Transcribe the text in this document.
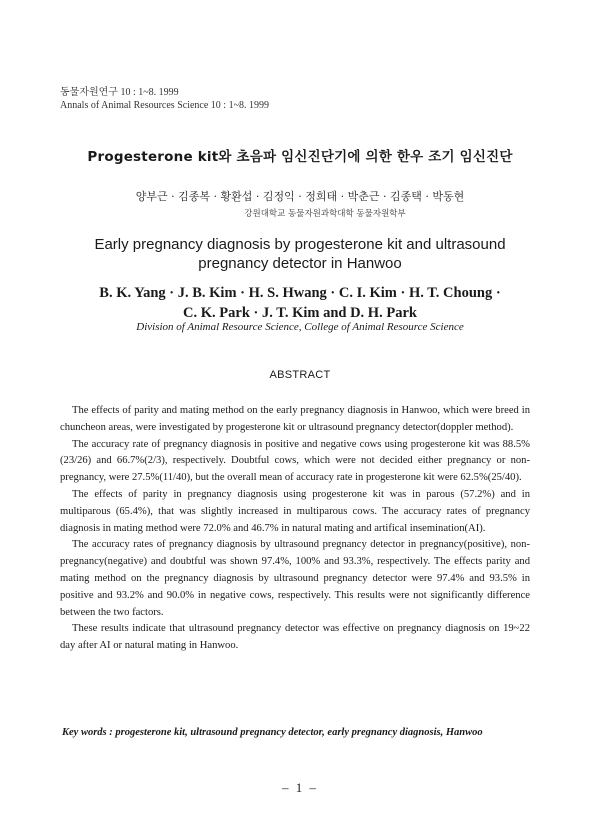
동물자원연구 10 : 1~8. 1999
Annals of Animal Resources Science 10 : 1~8. 1999
Progesterone kit와 초음파 임신진단기에 의한 한우 조기 임신진단
양부근 · 김종복 · 황환섭 · 김정익 · 정희태 · 박춘근 · 김종택 · 박동현
강원대학교 동물자원과학대학 동물자원학부
Early pregnancy diagnosis by progesterone kit and ultrasound pregnancy detector in Hanwoo
B. K. Yang · J. B. Kim · H. S. Hwang · C. I. Kim · H. T. Choung ·
C. K. Park · J. T. Kim and D. H. Park
Division of Animal Resource Science, College of Animal Resource Science
ABSTRACT

The effects of parity and mating method on the early pregnancy diagnosis in Hanwoo, which were breed in chuncheon areas, were investigated by progesterone kit or ultrasound pregnancy detector(doppler method).

The accuracy rate of pregnancy diagnosis in positive and negative cows using progesterone kit was 88.5%(23/26) and 66.7%(2/3), respectively. Doubtful cows, which were not decided either pregnancy or non-pregnancy, were 27.5%(11/40), but the overall mean of accuracy rate in progesterone kit were 62.5%(25/40).

The effects of parity in pregnancy diagnosis using progesterone kit was in parous (57.2%) and in multiparous (65.4%), that was slightly increased in multiparous cows. The accuracy rates of pregnancy diagnosis in mating method were 72.0% and 46.7% in natural mating and artifical insemination(AI).

The accuracy rates of pregnancy diagnosis by ultrasound pregnancy detector in pregnancy(positive), non-pregnancy(negative) and doubtful was shown 97.4%, 100% and 93.3%, respectively. The effects parity and mating method on the pregnancy diagnosis by ultrasound pregnancy detector were 97.4% and 93.5% in positive and 93.2% and 90.0% in negative cows, respectively. This results were not significantly difference between the two factors.

These results indicate that ultrasound pregnancy detector was effective on pregnancy diagnosis on 19~22 day after AI or natural mating in Hanwoo.

Key words : progesterone kit, ultrasound pregnancy detector, early pregnancy diagnosis, Hanwoo
– 1 –
